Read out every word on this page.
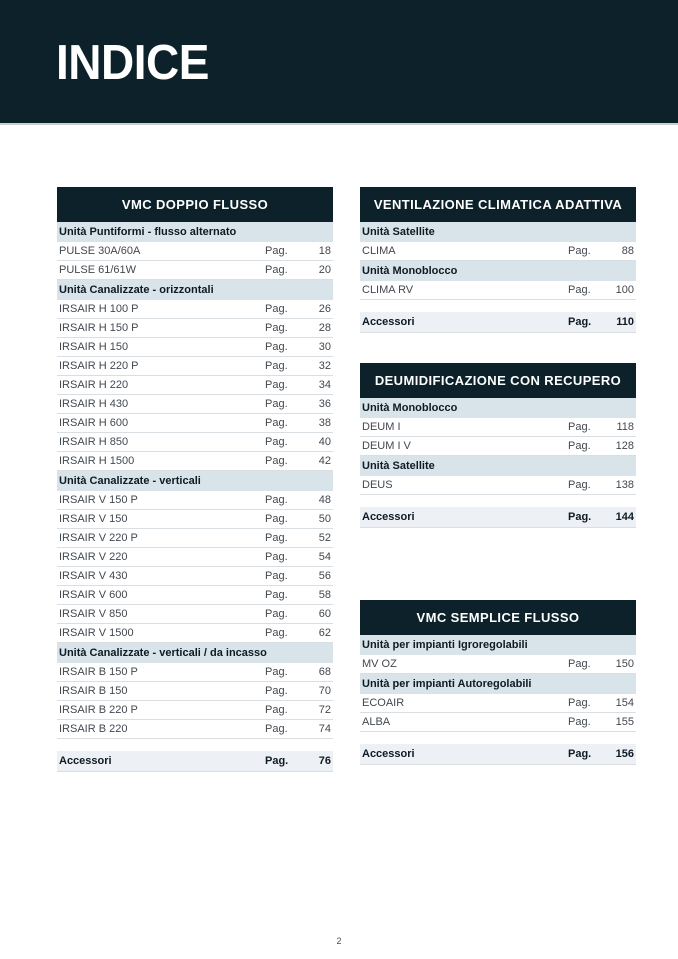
INDICE
VMC DOPPIO FLUSSO
Unità Puntiformi - flusso alternato
PULSE 30A/60A	Pag.	18
PULSE 61/61W	Pag.	20
Unità Canalizzate - orizzontali
IRSAIR H 100 P	Pag.	26
IRSAIR H 150 P	Pag.	28
IRSAIR H 150	Pag.	30
IRSAIR H 220 P	Pag.	32
IRSAIR H 220	Pag.	34
IRSAIR H 430	Pag.	36
IRSAIR H 600	Pag.	38
IRSAIR H 850	Pag.	40
IRSAIR H 1500	Pag.	42
Unità Canalizzate - verticali
IRSAIR V 150 P	Pag.	48
IRSAIR V 150	Pag.	50
IRSAIR V 220 P	Pag.	52
IRSAIR V 220	Pag.	54
IRSAIR V 430	Pag.	56
IRSAIR V 600	Pag.	58
IRSAIR V 850	Pag.	60
IRSAIR V 1500	Pag.	62
Unità Canalizzate - verticali / da incasso
IRSAIR B 150 P	Pag.	68
IRSAIR B 150	Pag.	70
IRSAIR B 220 P	Pag.	72
IRSAIR B 220	Pag.	74
Accessori	Pag.	76
VENTILAZIONE CLIMATICA ADATTIVA
Unità Satellite
CLIMA	Pag.	88
Unità Monoblocco
CLIMA RV	Pag.	100
Accessori	Pag.	110
DEUMIDIFICAZIONE CON RECUPERO
Unità Monoblocco
DEUM I	Pag.	118
DEUM I V	Pag.	128
Unità Satellite
DEUS	Pag.	138
Accessori	Pag.	144
VMC SEMPLICE FLUSSO
Unità per impianti Igroregolabili
MV OZ	Pag.	150
Unità per impianti Autoregolabili
ECOAIR	Pag.	154
ALBA	Pag.	155
Accessori	Pag.	156
2
